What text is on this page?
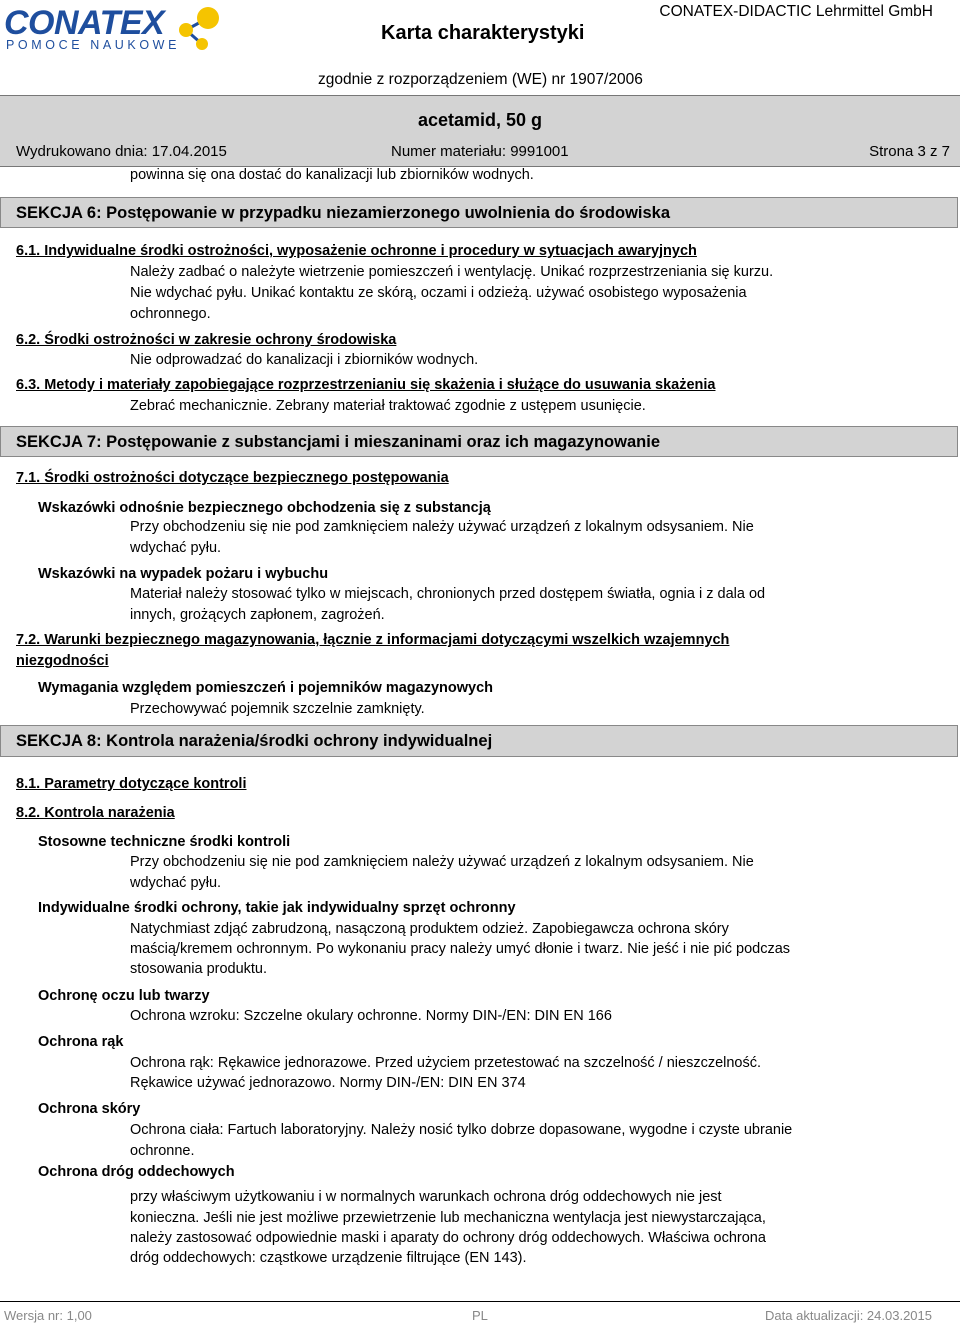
CONATEX
POMOCE NAUKOWE
Karta charakterystyki
CONATEX-DIDACTIC Lehrmittel GmbH
zgodnie z rozporządzeniem (WE) nr 1907/2006
acetamid, 50 g
Wydrukowano dnia: 17.04.2015	Numer materiału: 9991001	Strona 3 z 7
powinna się ona dostać do kanalizacji lub zbiorników wodnych.
SEKCJA 6: Postępowanie w przypadku niezamierzonego uwolnienia do środowiska
6.1. Indywidualne środki ostrożności, wyposażenie ochronne i procedury w sytuacjach awaryjnych
Należy zadbać o należyte wietrzenie pomieszczeń i wentylację. Unikać rozprzestrzeniania się kurzu.
Nie wdychać pyłu. Unikać kontaktu ze skórą, oczami i odzieżą. używać osobistego wyposażenia
ochronnego.
6.2. Środki ostrożności w zakresie ochrony środowiska
Nie odprowadzać do kanalizacji i zbiorników wodnych.
6.3. Metody i materiały zapobiegające rozprzestrzenianiu się skażenia i służące do usuwania skażenia
Zebrać mechanicznie. Zebrany materiał traktować zgodnie z ustępem usunięcie.
SEKCJA 7: Postępowanie z substancjami i mieszaninami oraz ich magazynowanie
7.1. Środki ostrożności dotyczące bezpiecznego postępowania
Wskazówki odnośnie bezpiecznego obchodzenia się z substancją
Przy obchodzeniu się nie pod zamknięciem należy używać urządzeń z lokalnym odsysaniem. Nie
wdychać pyłu.
Wskazówki na wypadek pożaru i wybuchu
Materiał należy stosować tylko w miejscach, chronionych przed dostępem światła, ognia i z dala od
innych, grożących zapłonem, zagrożeń.
7.2. Warunki bezpiecznego magazynowania, łącznie z informacjami dotyczącymi wszelkich wzajemnych
niezgodności
Wymagania względem pomieszczeń i pojemników magazynowych
Przechowywać pojemnik szczelnie zamknięty.
SEKCJA 8: Kontrola narażenia/środki ochrony indywidualnej
8.1. Parametry dotyczące kontroli
8.2. Kontrola narażenia
Stosowne techniczne środki kontroli
Przy obchodzeniu się nie pod zamknięciem należy używać urządzeń z lokalnym odsysaniem. Nie
wdychać pyłu.
Indywidualne środki ochrony, takie jak indywidualny sprzęt ochronny
Natychmiast zdjąć zabrudzoną, nasączoną produktem odzież. Zapobiegawcza ochrona skóry
maścią/kremem ochronnym. Po wykonaniu pracy należy umyć dłonie i twarz. Nie jeść i nie pić podczas
stosowania produktu.
Ochronę oczu lub twarzy
Ochrona wzroku: Szczelne okulary ochronne. Normy DIN-/EN: DIN EN 166
Ochrona rąk
Ochrona rąk: Rękawice jednorazowe. Przed użyciem przetestować na szczelność / nieszczelność.
Rękawice używać jednorazowo. Normy DIN-/EN: DIN EN 374
Ochrona skóry
Ochrona ciała: Fartuch laboratoryjny. Należy nosić tylko dobrze dopasowane, wygodne i czyste ubranie
ochronne.
Ochrona dróg oddechowych
przy właściwym użytkowaniu i w normalnych warunkach ochrona dróg oddechowych nie jest
konieczna. Jeśli nie jest możliwe przewietrzenie lub mechaniczna wentylacja jest niewystarczająca,
należy zastosować odpowiednie maski i aparaty do ochrony dróg oddechowych. Właściwa ochrona
dróg oddechowych: cząstkowe urządzenie filtrujące (EN 143).
Wersja nr: 1,00	PL	Data aktualizacji: 24.03.2015
